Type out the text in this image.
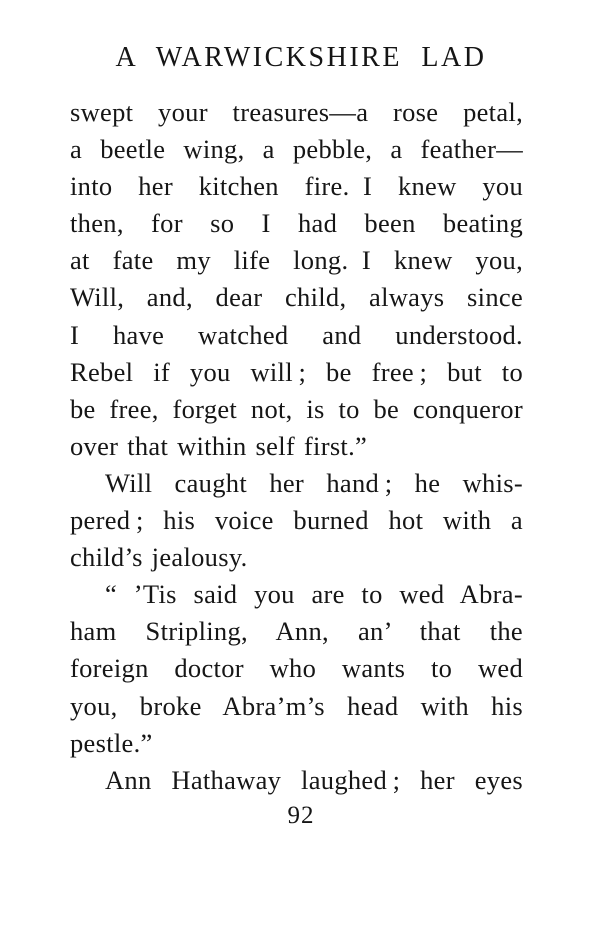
A WARWICKSHIRE LAD
swept your treasures—a rose petal,
a beetle wing, a pebble, a feather—
into her kitchen fire. I knew you
then, for so I had been beating
at fate my life long. I knew you,
Will, and, dear child, always since
I have watched and understood.
Rebel if you will ; be free ; but to
be free, forget not, is to be conqueror
over that within self first.”
Will caught her hand ; he whis-
pered ; his voice burned hot with a
child’s jealousy.
“ ’Tis said you are to wed Abra-
ham Stripling, Ann, an’ that the
foreign doctor who wants to wed
you, broke Abra’m’s head with his
pestle.”
Ann Hathaway laughed ; her eyes
92
